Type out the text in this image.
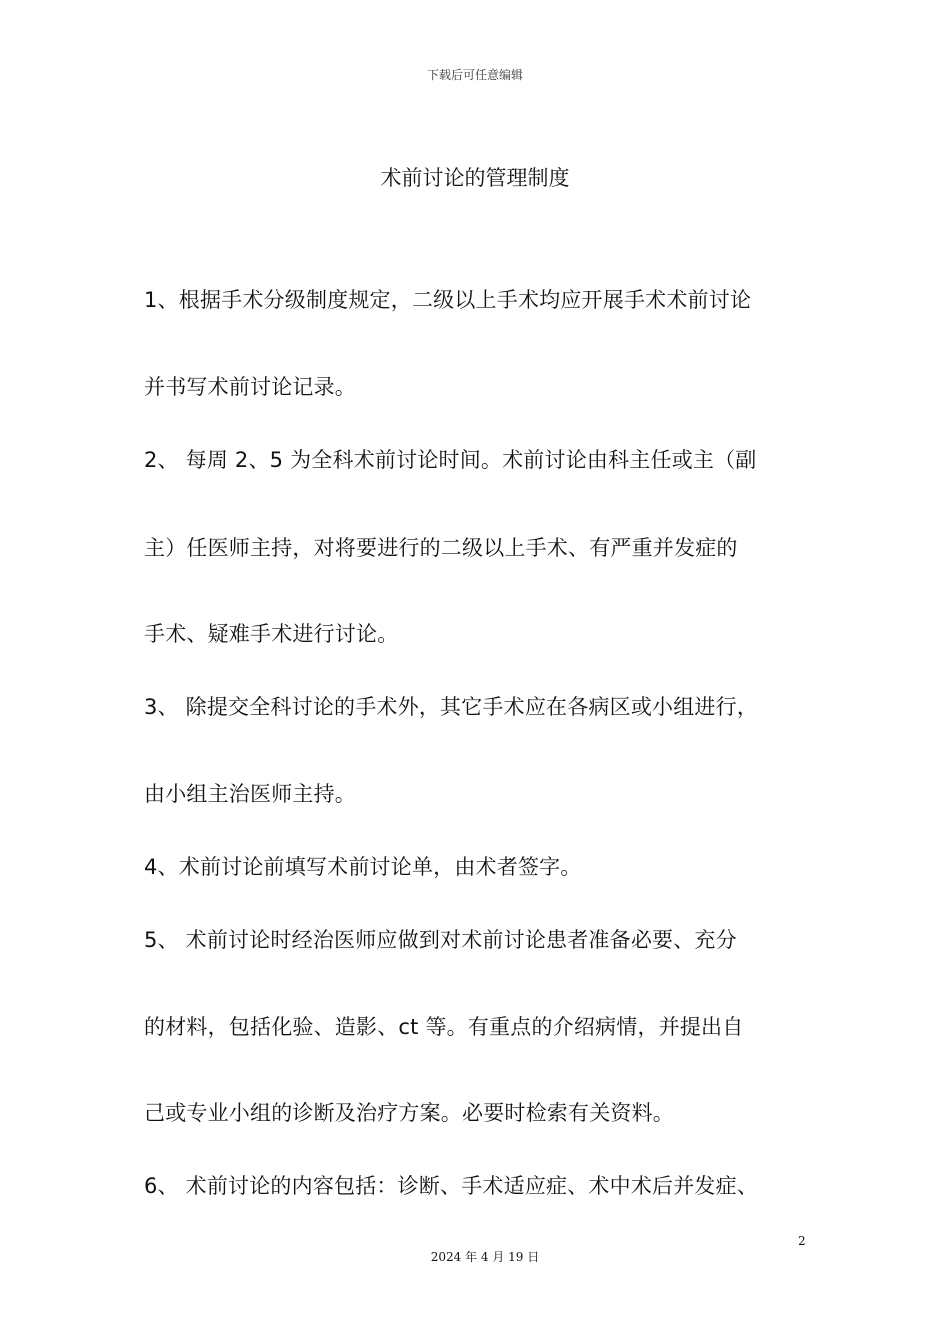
下载后可任意编辑
术前讨论的管理制度
1、根据手术分级制度规定，二级以上手术均应开展手术术前讨论
并书写术前讨论记录。
2、 每周 2、5 为全科术前讨论时间。术前讨论由科主任或主（副
主）任医师主持，对将要进行的二级以上手术、有严重并发症的
手术、疑难手术进行讨论。
3、 除提交全科讨论的手术外，其它手术应在各病区或小组进行，
由小组主治医师主持。
4、术前讨论前填写术前讨论单，由术者签字。
5、 术前讨论时经治医师应做到对术前讨论患者准备必要、充分
的材料，包括化验、造影、ct 等。有重点的介绍病情，并提出自
己或专业小组的诊断及治疗方案。必要时检索有关资料。
6、 术前讨论的内容包括：诊断、手术适应症、术中术后并发症、
2
2024 年 4 月 19 日
